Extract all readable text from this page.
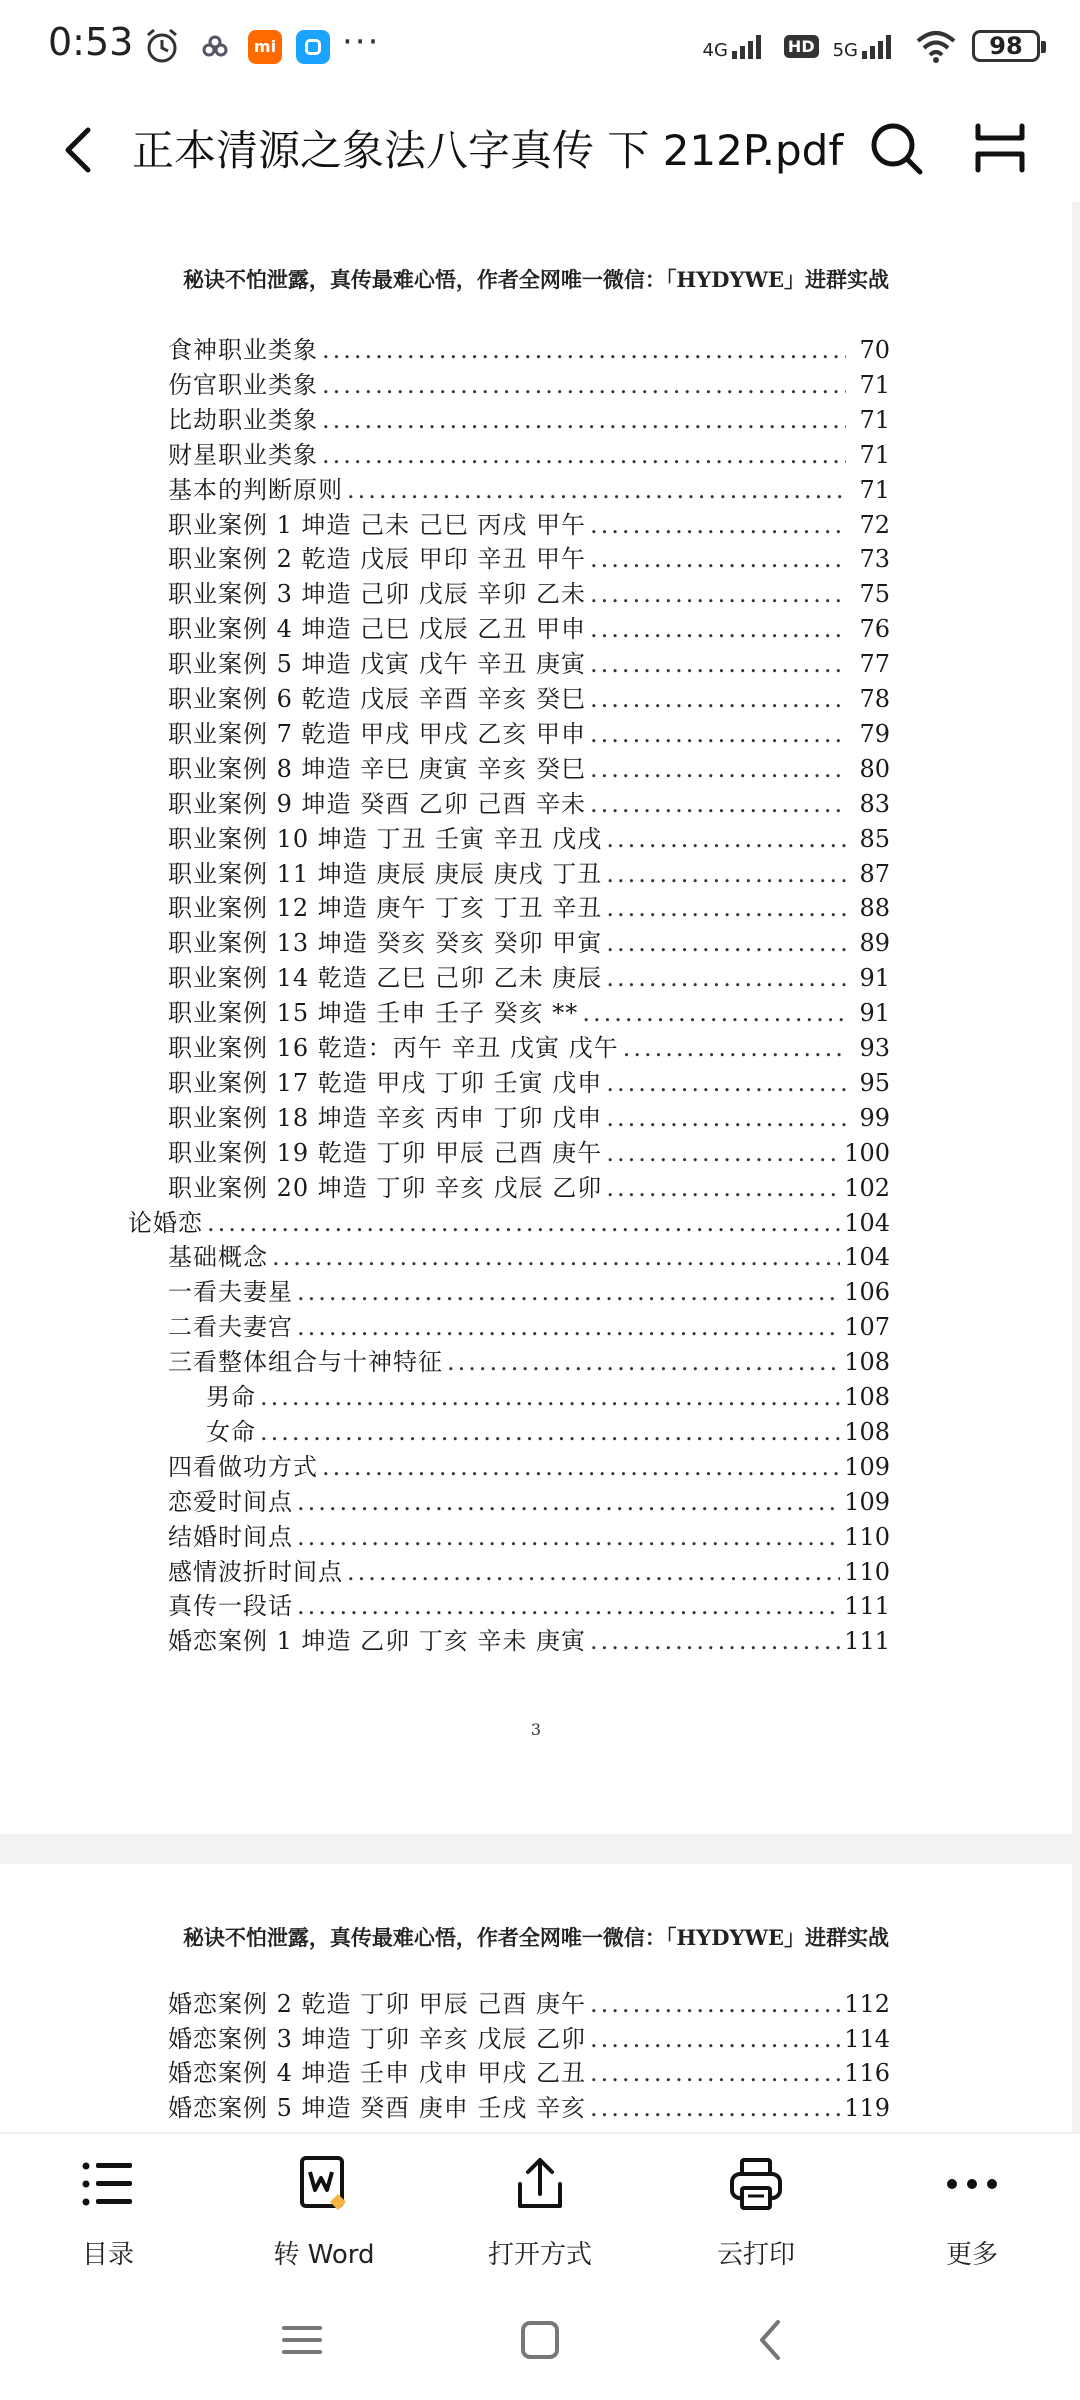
0:53	mi ···	4G	HD 5G	98
正本清源之象法八字真传 下 212P.pdf
秘诀不怕泄露，真传最难心悟，作者全网唯一微信：「HYDYWE」进群实战
食神职业类象 .....	70
伤官职业类象 .....	71
比劫职业类象 .....	71
财星职业类象 .....	71
基本的判断原则 .....	71
职业案例 1 坤造 己未 己巳 丙戌 甲午 .....	72
职业案例 2 乾造 戊辰 甲印 辛丑 甲午 .....	73
职业案例 3 坤造 己卯 戊辰 辛卯 乙未 .....	75
职业案例 4 坤造 己巳 戊辰 乙丑 甲申 .....	76
职业案例 5 坤造 戊寅 戊午 辛丑 庚寅 .....	77
职业案例 6 乾造 戊辰 辛酉 辛亥 癸巳 .....	78
职业案例 7 乾造 甲戌 甲戌 乙亥 甲申 .....	79
职业案例 8 坤造 辛巳 庚寅 辛亥 癸巳 .....	80
职业案例 9 坤造 癸酉 乙卯 己酉 辛未 .....	83
职业案例 10 坤造 丁丑 壬寅 辛丑 戊戌 .....	85
职业案例 11 坤造 庚辰 庚辰 庚戌 丁丑 .....	87
职业案例 12 坤造 庚午 丁亥 丁丑 辛丑 .....	88
职业案例 13 坤造 癸亥 癸亥 癸卯 甲寅 .....	89
职业案例 14 乾造 乙巳 己卯 乙未 庚辰 .....	91
职业案例 15 坤造 壬申 壬子 癸亥 ** .....	91
职业案例 16 乾造：丙午 辛丑 戊寅 戊午 .....	93
职业案例 17 乾造 甲戌 丁卯 壬寅 戊申 .....	95
职业案例 18 坤造 辛亥 丙申 丁卯 戊申 .....	99
职业案例 19 乾造 丁卯 甲辰 己酉 庚午 .....	100
职业案例 20 坤造 丁卯 辛亥 戊辰 乙卯 .....	102
论婚恋 .....	104
基础概念 .....	104
一看夫妻星 .....	106
二看夫妻宫 .....	107
三看整体组合与十神特征 .....	108
男命 .....	108
女命 .....	108
四看做功方式 .....	109
恋爱时间点 .....	109
结婚时间点 .....	110
感情波折时间点 .....	110
真传一段话 .....	111
婚恋案例 1 坤造 乙卯 丁亥 辛未 庚寅 .....	111
3
秘诀不怕泄露，真传最难心悟，作者全网唯一微信：「HYDYWE」进群实战
婚恋案例 2 乾造 丁卯 甲辰 己酉 庚午 .....	112
婚恋案例 3 坤造 丁卯 辛亥 戊辰 乙卯 .....	114
婚恋案例 4 坤造 壬申 戊申 甲戌 乙丑 .....	116
婚恋案例 5 坤造 癸酉 庚申 壬戌 辛亥 .....	119
目录	转 Word	打开方式	云打印	更多
